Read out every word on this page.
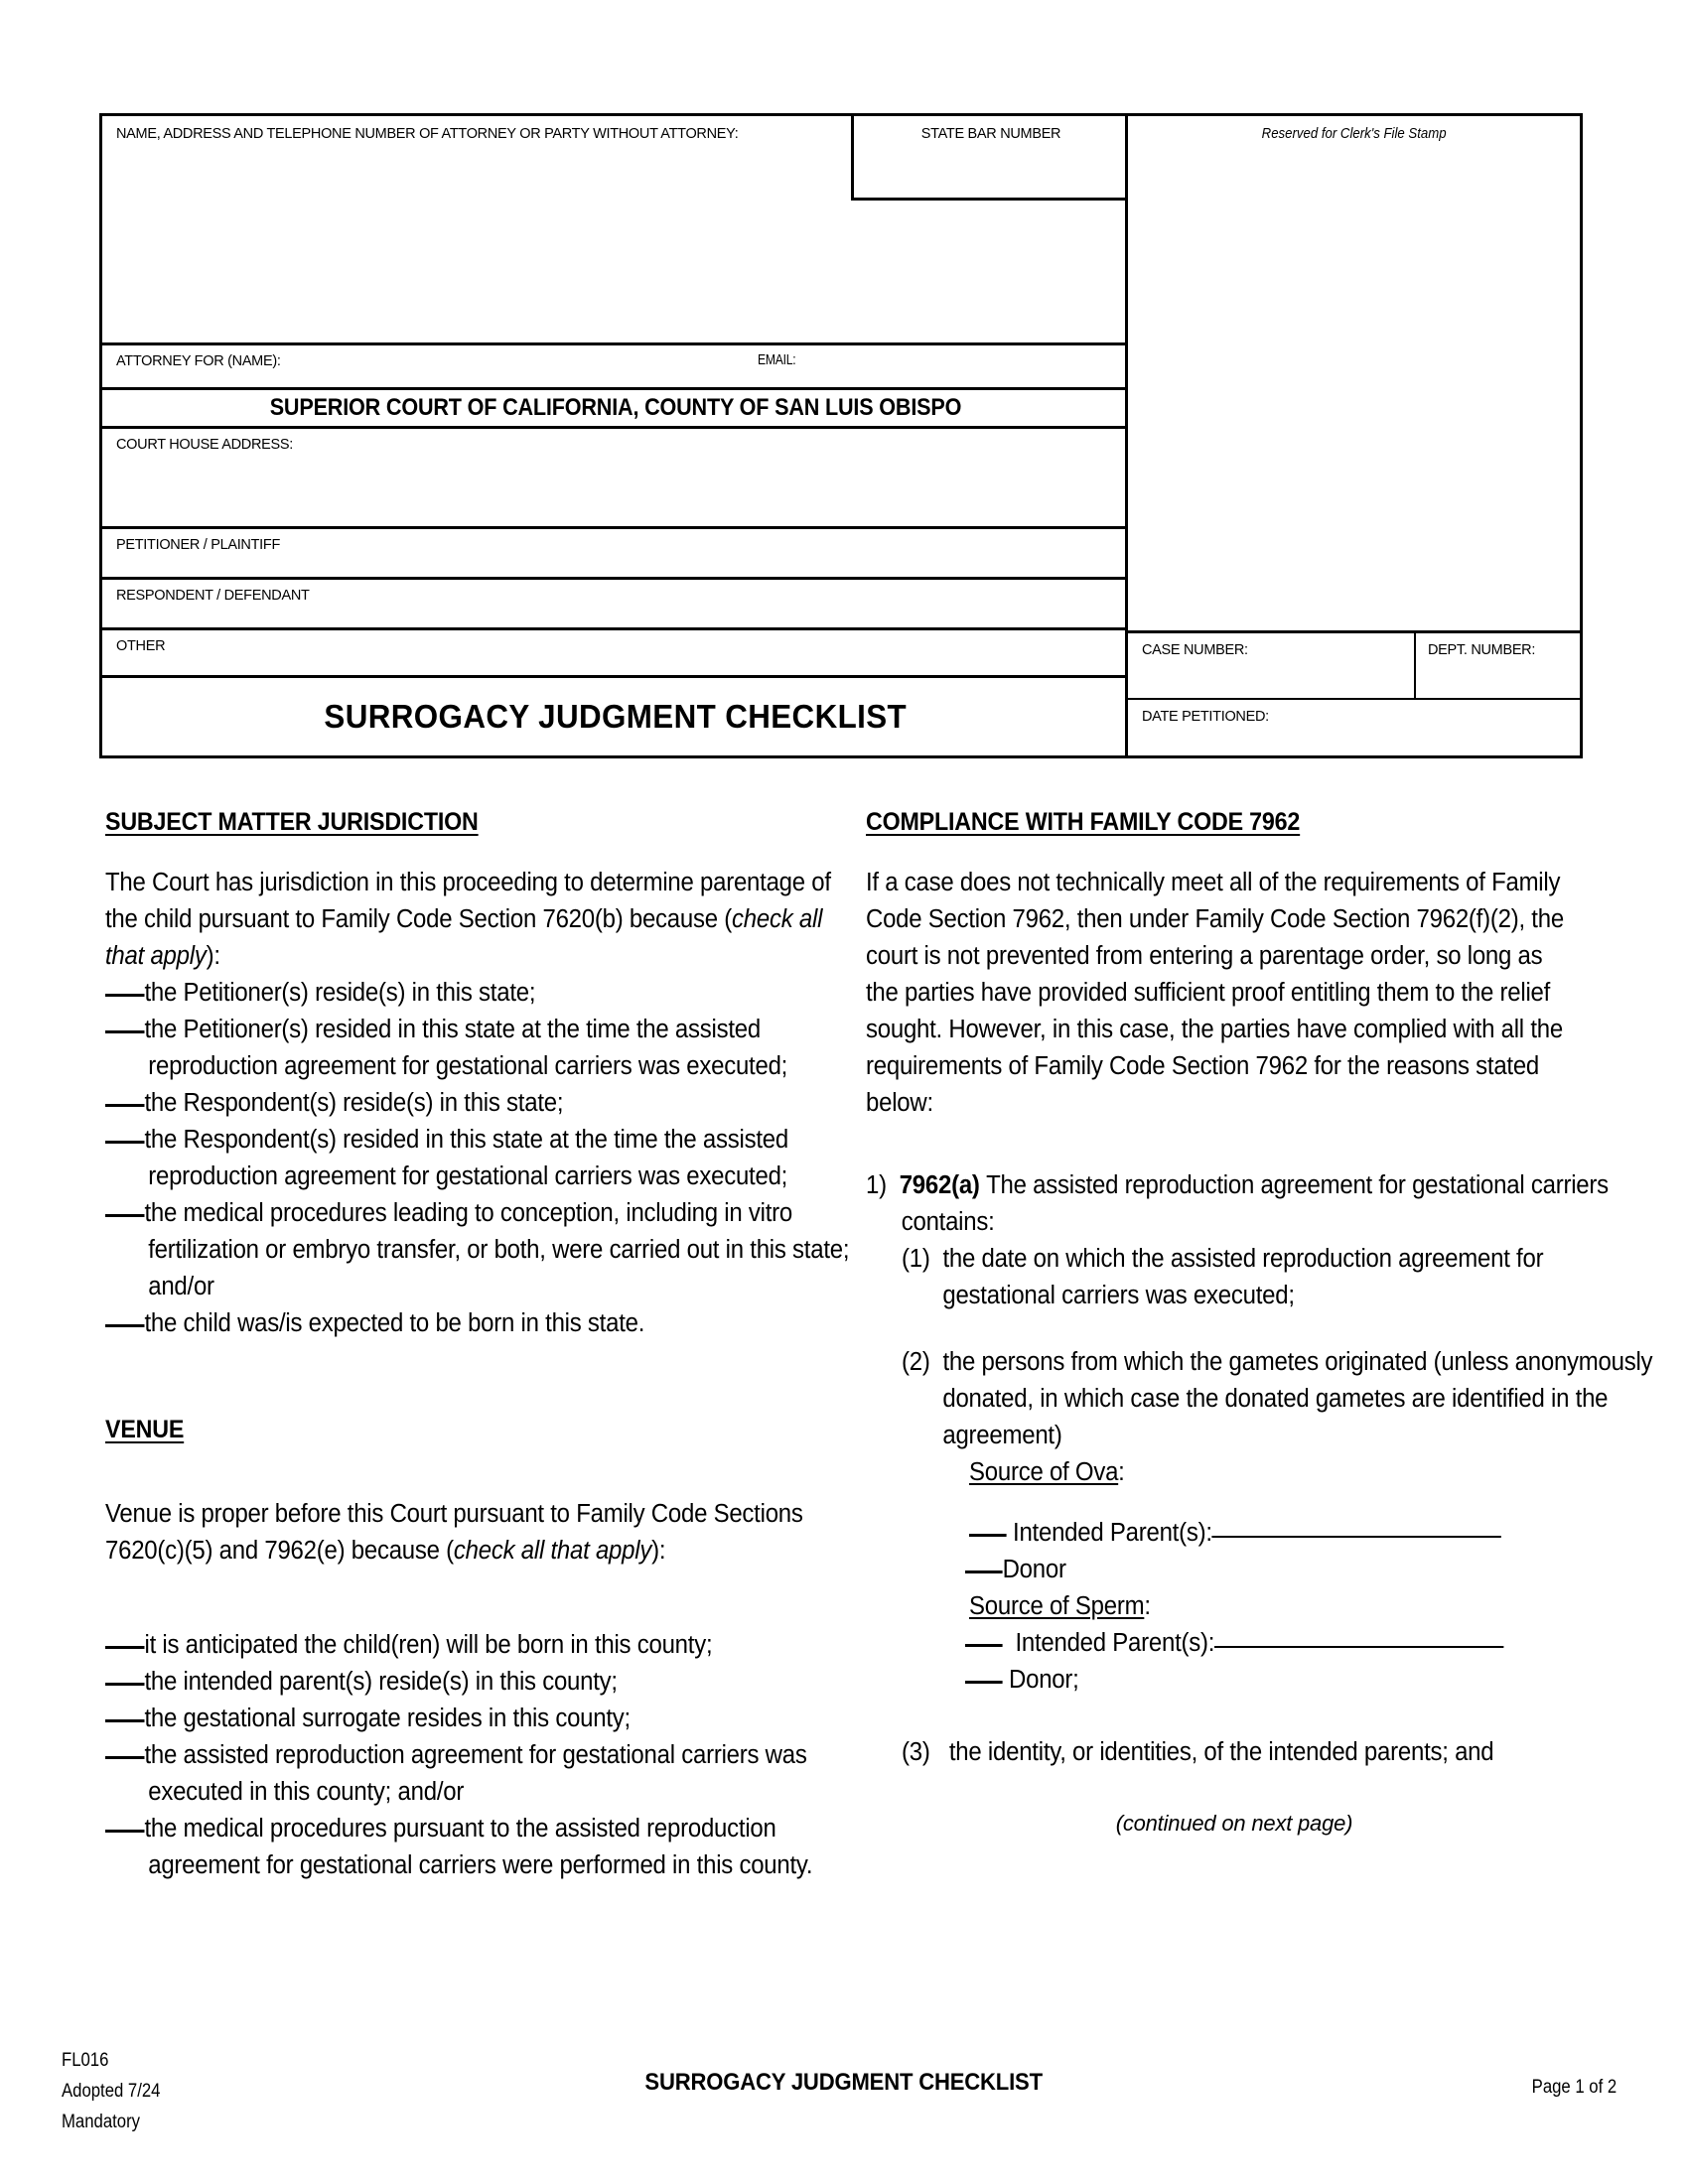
NAME, ADDRESS AND TELEPHONE NUMBER OF ATTORNEY OR PARTY WITHOUT ATTORNEY:	STATE BAR NUMBER
ATTORNEY FOR (NAME):	EMAIL:
SUPERIOR COURT OF CALIFORNIA, COUNTY OF SAN LUIS OBISPO
COURT HOUSE ADDRESS:
PETITIONER / PLAINTIFF
RESPONDENT / DEFENDANT
OTHER
SURROGACY JUDGMENT CHECKLIST
Reserved for Clerk's File Stamp
CASE NUMBER:	DEPT. NUMBER:
DATE PETITIONED:
SUBJECT MATTER JURISDICTION
The Court has jurisdiction in this proceeding to determine parentage of the child pursuant to Family Code Section 7620(b) because (check all that apply):
the Petitioner(s) reside(s) in this state;
the Petitioner(s) resided in this state at the time the assisted reproduction agreement for gestational carriers was executed;
the Respondent(s) reside(s) in this state;
the Respondent(s) resided in this state at the time the assisted reproduction agreement for gestational carriers was executed;
the medical procedures leading to conception, including in vitro fertilization or embryo transfer, or both, were carried out in this state; and/or
the child was/is expected to be born in this state.
VENUE
Venue is proper before this Court pursuant to Family Code Sections 7620(c)(5) and 7962(e) because (check all that apply):
it is anticipated the child(ren) will be born in this county;
the intended parent(s) reside(s) in this county;
the gestational surrogate resides in this county;
the assisted reproduction agreement for gestational carriers was executed in this county; and/or
the medical procedures pursuant to the assisted reproduction agreement for gestational carriers were performed in this county.
COMPLIANCE WITH FAMILY CODE 7962
If a case does not technically meet all of the requirements of Family Code Section 7962, then under Family Code Section 7962(f)(2), the court is not prevented from entering a parentage order, so long as the parties have provided sufficient proof entitling them to the relief sought. However, in this case, the parties have complied with all the requirements of Family Code Section 7962 for the reasons stated below:
1) 7962(a) The assisted reproduction agreement for gestational carriers contains:
(1) the date on which the assisted reproduction agreement for gestational carriers was executed;
(2) the persons from which the gametes originated (unless anonymously donated, in which case the donated gametes are identified in the agreement)
Source of Ova:
Intended Parent(s):
Donor
Source of Sperm:
Intended Parent(s):
Donor;
(3) the identity, or identities, of the intended parents; and
(continued on next page)
FL016
Adopted 7/24
Mandatory
SURROGACY JUDGMENT CHECKLIST	Page 1 of 2
